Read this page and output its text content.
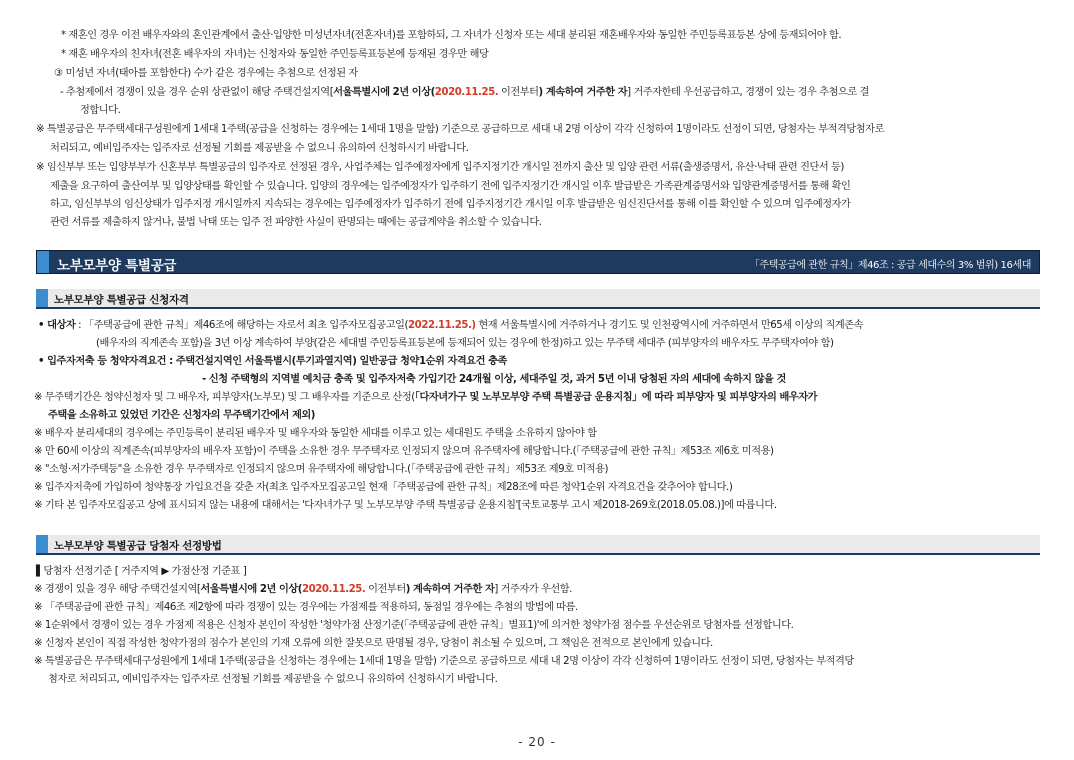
* 재혼인 경우 이전 배우자와의 혼인관계에서 출산·입양한 미성년자녀(전혼자녀)를 포함하되, 그 자녀가 신청자 또는 세대 분리된 재혼배우자와 동일한 주민등록표등본 상에 등재되어야 함.
* 재혼 배우자의 친자녀(전혼 배우자의 자녀)는 신청자와 동일한 주민등록표등본에 등재된 경우만 해당
③ 미성년 자녀(태아를 포함한다) 수가 같은 경우에는 추첨으로 선정된 자
- 추첨제에서 경쟁이 있을 경우 순위 상관없이 해당 주택건설지역[서울특별시에 2년 이상(2020.11.25. 이전부터) 계속하여 거주한 자] 거주자한테 우선공급하고, 경쟁이 있는 경우 추첨으로 결
정합니다.
※ 특별공급은 무주택세대구성원에게 1세대 1주택(공급을 신청하는 경우에는 1세대 1명을 말함) 기준으로 공급하므로 세대 내 2명 이상이 각각 신청하여 1명이라도 선정이 되면, 당첨자는 부적격당첨자로
처리되고, 예비입주자는 입주자로 선정될 기회를 제공받을 수 없으니 유의하여 신청하시기 바랍니다.
※ 임신부부 또는 입양부부가 신혼부부 특별공급의 입주자로 선정된 경우, 사업주체는 입주예정자에게 입주지정기간 개시일 전까지 출산 및 입양 관련 서류(출생증명서, 유산·낙태 관련 진단서 등)
제출을 요구하여 출산여부 및 입양상태를 확인할 수 있습니다. 입양의 경우에는 입주예정자가 입주하기 전에 입주지정기간 개시일 이후 발급받은 가족관계증명서와 입양관계증명서를 통해 확인
하고, 임신부부의 임신상태가 입주지정 개시일까지 지속되는 경우에는 입주예정자가 입주하기 전에 입주지정기간 개시일 이후 발급받은 임신진단서를 통해 이를 확인할 수 있으며 입주예정자가
관련 서류를 제출하지 않거나, 불법 낙태 또는 입주 전 파양한 사실이 판명되는 때에는 공급계약을 취소할 수 있습니다.
노부모부양 특별공급	「주택공급에 관한 규칙」제46조 : 공급 세대수의 3% 범위) 16세대
노부모부양 특별공급 신청자격
• 대상자 : 「주택공급에 관한 규칙」제46조에 해당하는 자로서 최초 입주자모집공고일(2022.11.25.) 현재 서울특별시에 거주하거나 경기도 및 인천광역시에 거주하면서 만65세 이상의 직계존속
(배우자의 직계존속 포함)을 3년 이상 계속하여 부양(같은 세대별 주민등록표등본에 등재되어 있는 경우에 한정)하고 있는 무주택 세대주 (피부양자의 배우자도 무주택자여야 함)
• 입주자저축 등 청약자격요건 : 주택건설지역인 서울특별시(투기과열지역) 일반공급 청약1순위 자격요건 충족
- 신청 주택형의 지역별 예치금 충족 및 입주자저축 가입기간 24개월 이상, 세대주일 것, 과거 5년 이내 당첨된 자의 세대에 속하지 않을 것
※ 무주택기간은 청약신청자 및 그 배우자, 피부양자(노부모) 및 그 배우자를 기준으로 산정(「다자녀가구 및 노부모부양 주택 특별공급 운용지침」에 따라 피부양자 및 피부양자의 배우자가
주택을 소유하고 있었던 기간은 신청자의 무주택기간에서 제외)
※ 배우자 분리세대의 경우에는 주민등록이 분리된 배우자 및 배우자와 동일한 세대를 이루고 있는 세대원도 주택을 소유하지 않아야 함
※ 만 60세 이상의 직계존속(피부양자의 배우자 포함)이 주택을 소유한 경우 무주택자로 인정되지 않으며 유주택자에 해당합니다.(「주택공급에 관한 규칙」제53조 제6호 미적용)
※ "소형·저가주택등"을 소유한 경우 무주택자로 인정되지 않으며 유주택자에 해당합니다.(「주택공급에 관한 규칙」제53조 제9호 미적용)
※ 입주자저축에 가입하여 청약통장 가입요건을 갖춘 자(최초 입주자모집공고일 현재「주택공급에 관한 규칙」제28조에 따른 청약1순위 자격요건을 갖추어야 합니다.)
※ 기타 본 입주자모집공고 상에 표시되지 않는 내용에 대해서는 '다자녀가구 및 노부모부양 주택 특별공급 운용지침'[국토교통부 고시 제2018-269호(2018.05.08.)]에 따릅니다.
노부모부양 특별공급 당첨자 선정방법
▌당첨자 선정기준 [ 거주지역 ▶ 가점산정 기준표 ]
※ 경쟁이 있을 경우 해당 주택건설지역[서울특별시에 2년 이상(2020.11.25. 이전부터) 계속하여 거주한 자] 거주자가 우선함.
※ 「주택공급에 관한 규칙」제46조 제2항에 따라 경쟁이 있는 경우에는 가점제를 적용하되, 동점일 경우에는 추첨의 방법에 따름.
※ 1순위에서 경쟁이 있는 경우 가점제 적용은 신청자 본인이 작성한 '청약가점 산정기준(「주택공급에 관한 규칙」별표1)'에 의거한 청약가점 점수를 우선순위로 당첨자를 선정합니다.
※ 신청자 본인이 직접 작성한 청약가점의 점수가 본인의 기재 오류에 의한 잘못으로 판명될 경우, 당첨이 취소될 수 있으며, 그 책임은 전적으로 본인에게 있습니다.
※ 특별공급은 무주택세대구성원에게 1세대 1주택(공급을 신청하는 경우에는 1세대 1명을 말함) 기준으로 공급하므로 세대 내 2명 이상이 각각 신청하여 1명이라도 선정이 되면, 당첨자는 부적격당
첨자로 처리되고, 예비입주자는 입주자로 선정될 기회를 제공받을 수 없으니 유의하여 신청하시기 바랍니다.
- 20 -
